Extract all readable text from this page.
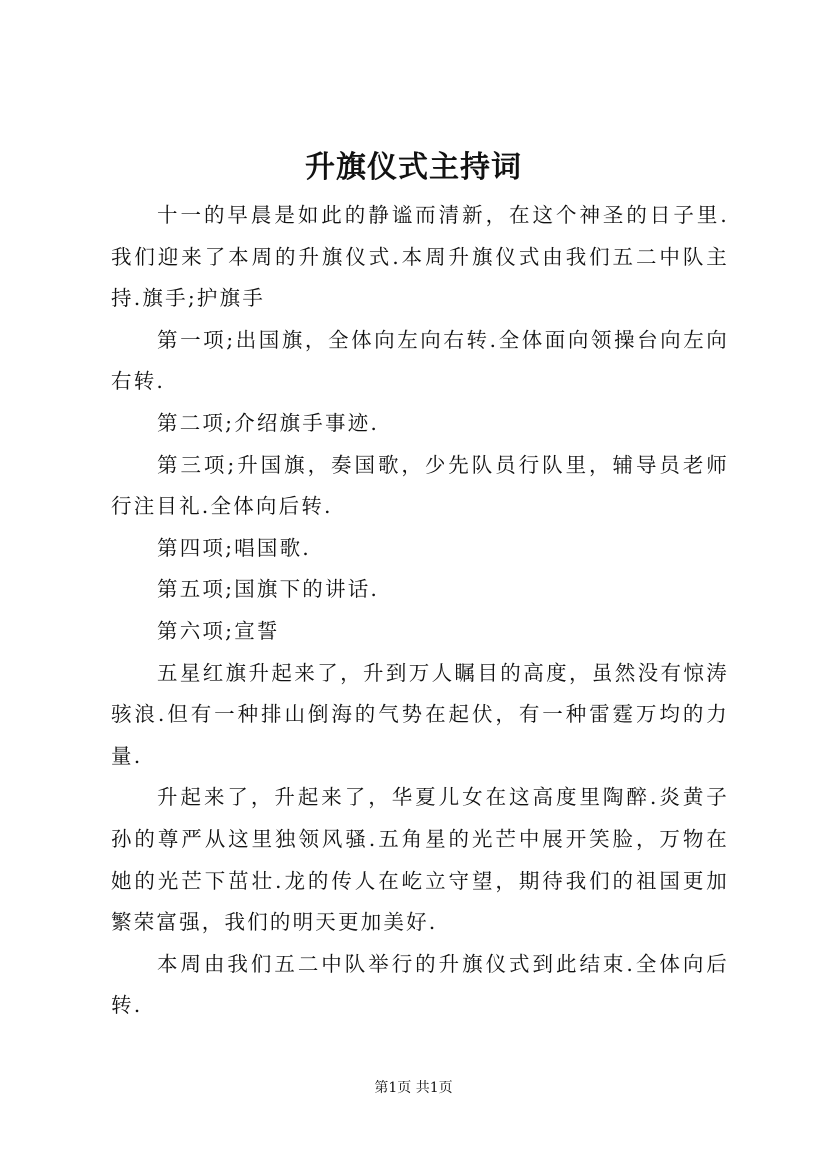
升旗仪式主持词

十一的早晨是如此的静谧而清新，在这个神圣的日子里.我们迎来了本周的升旗仪式.本周升旗仪式由我们五二中队主持.旗手;护旗手

第一项;出国旗，全体向左向右转.全体面向领操台向左向右转.

第二项;介绍旗手事迹.

第三项;升国旗，奏国歌，少先队员行队里，辅导员老师行注目礼.全体向后转.

第四项;唱国歌.

第五项;国旗下的讲话.

第六项;宣誓

五星红旗升起来了，升到万人瞩目的高度，虽然没有惊涛骇浪.但有一种排山倒海的气势在起伏，有一种雷霆万均的力量.

升起来了，升起来了，华夏儿女在这高度里陶醉.炎黄子孙的尊严从这里独领风骚.五角星的光芒中展开笑脸，万物在她的光芒下茁壮.龙的传人在屹立守望，期待我们的祖国更加繁荣富强，我们的明天更加美好.

本周由我们五二中队举行的升旗仪式到此结束.全体向后转.

第1页 共1页
